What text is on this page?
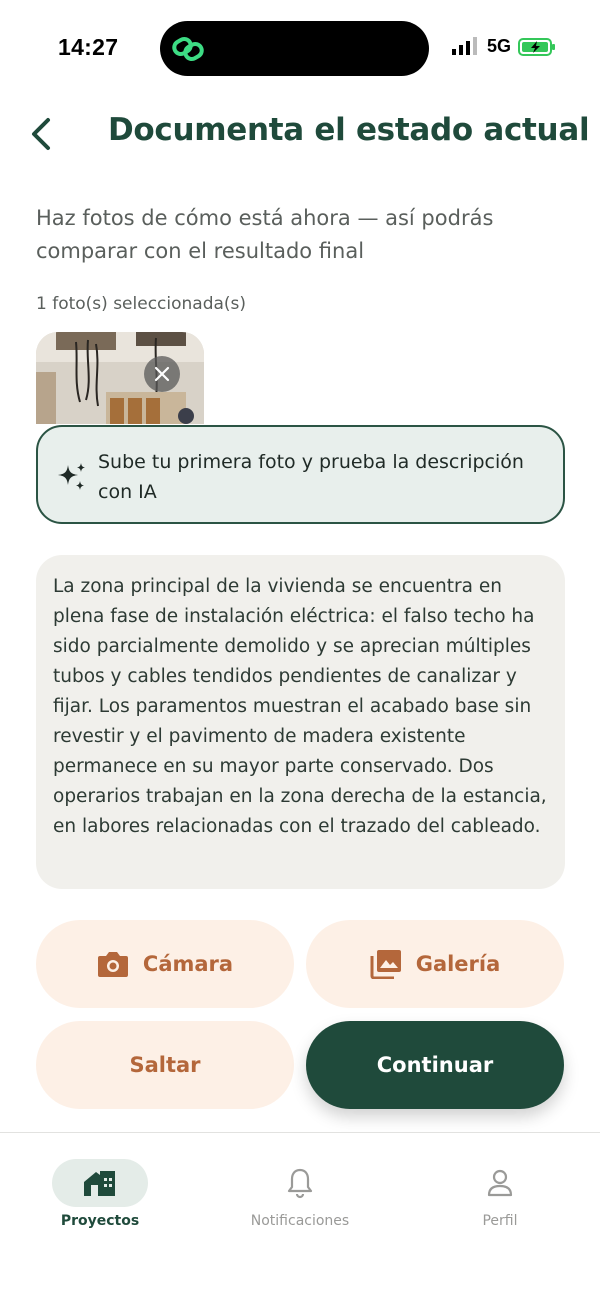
14:27	5G
Documenta el estado actual
Haz fotos de cómo está ahora — así podrás comparar con el resultado final
1 foto(s) seleccionada(s)
Sube tu primera foto y prueba la descripción con IA
La zona principal de la vivienda se encuentra en plena fase de instalación eléctrica: el falso techo ha sido parcialmente demolido y se aprecian múltiples tubos y cables tendidos pendientes de canalizar y fijar. Los paramentos muestran el acabado base sin revestir y el pavimento de madera existente permanece en su mayor parte conservado. Dos operarios trabajan en la zona derecha de la estancia, en labores relacionadas con el trazado del cableado.
Cámara	Galería
Saltar	Continuar
Proyectos	Notificaciones	Perfil
